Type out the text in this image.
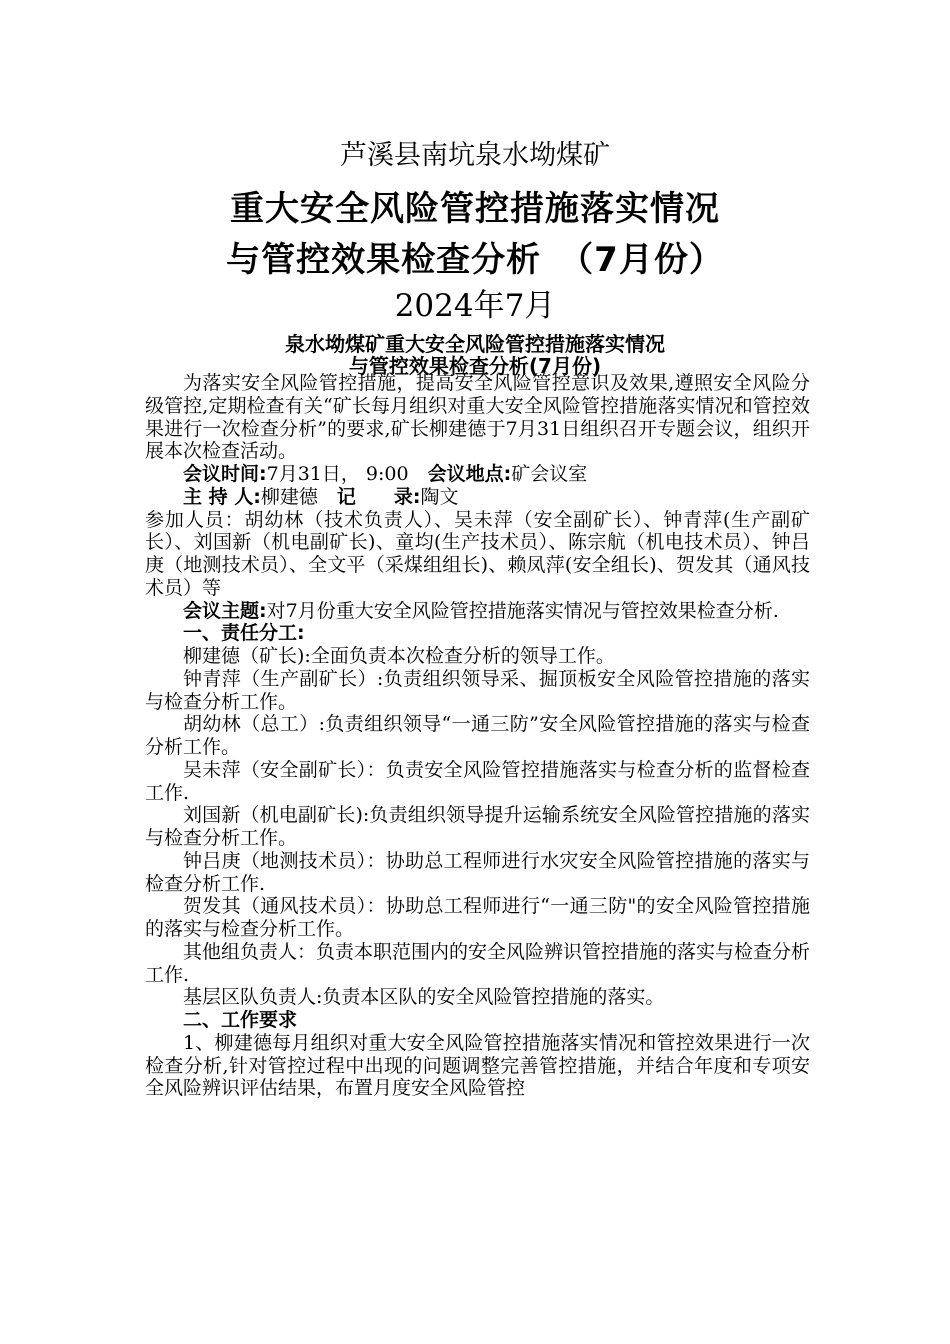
芦溪县南坑泉水坳煤矿
重大安全风险管控措施落实情况
与管控效果检查分析　（7月份）
2024年7月
泉水坳煤矿重大安全风险管控措施落实情况
与管控效果检查分析(7月份)

为落实安全风险管控措施，提高安全风险管控意识及效果,遵照安全风险分级管控,定期检查有关“矿长每月组织对重大安全风险管控措施落实情况和管控效果进行一次检查分析”的要求,矿长柳建德于7月31日组织召开专题会议，组织开展本次检查活动。

会议时间:7月31日， 9:00 会议地点:矿会议室

主 持 人:柳建德 记　　录:陶文

参加人员：胡幼林（技术负责人）、吴未萍（安全副矿长）、钟青萍(生产副矿长）、刘国新（机电副矿长)、童均(生产技术员）、陈宗航（机电技术员）、钟吕庚（地测技术员）、全文平（采煤组组长)、赖凤萍(安全组长)、贺发其（通风技术员）等

会议主题:对7月份重大安全风险管控措施落实情况与管控效果检查分析.

一、责任分工:

柳建德（矿长):全面负责本次检查分析的领导工作。

钟青萍（生产副矿长）:负责组织领导采、掘顶板安全风险管控措施的落实与检查分析工作。

胡幼林（总工）:负责组织领导“一通三防”安全风险管控措施的落实与检查分析工作。

吴未萍（安全副矿长）：负责安全风险管控措施落实与检查分析的监督检查工作.

刘国新（机电副矿长):负责组织领导提升运输系统安全风险管控措施的落实与检查分析工作。

钟吕庚（地测技术员）：协助总工程师进行水灾安全风险管控措施的落实与检查分析工作.

贺发其（通风技术员）：协助总工程师进行“一通三防"的安全风险管控措施的落实与检查分析工作。

其他组负责人：负责本职范围内的安全风险辨识管控措施的落实与检查分析工作.

基层区队负责人:负责本区队的安全风险管控措施的落实。

二、工作要求

1、柳建德每月组织对重大安全风险管控措施落实情况和管控效果进行一次检查分析,针对管控过程中出现的问题调整完善管控措施，并结合年度和专项安全风险辨识评估结果，布置月度安全风险管控
